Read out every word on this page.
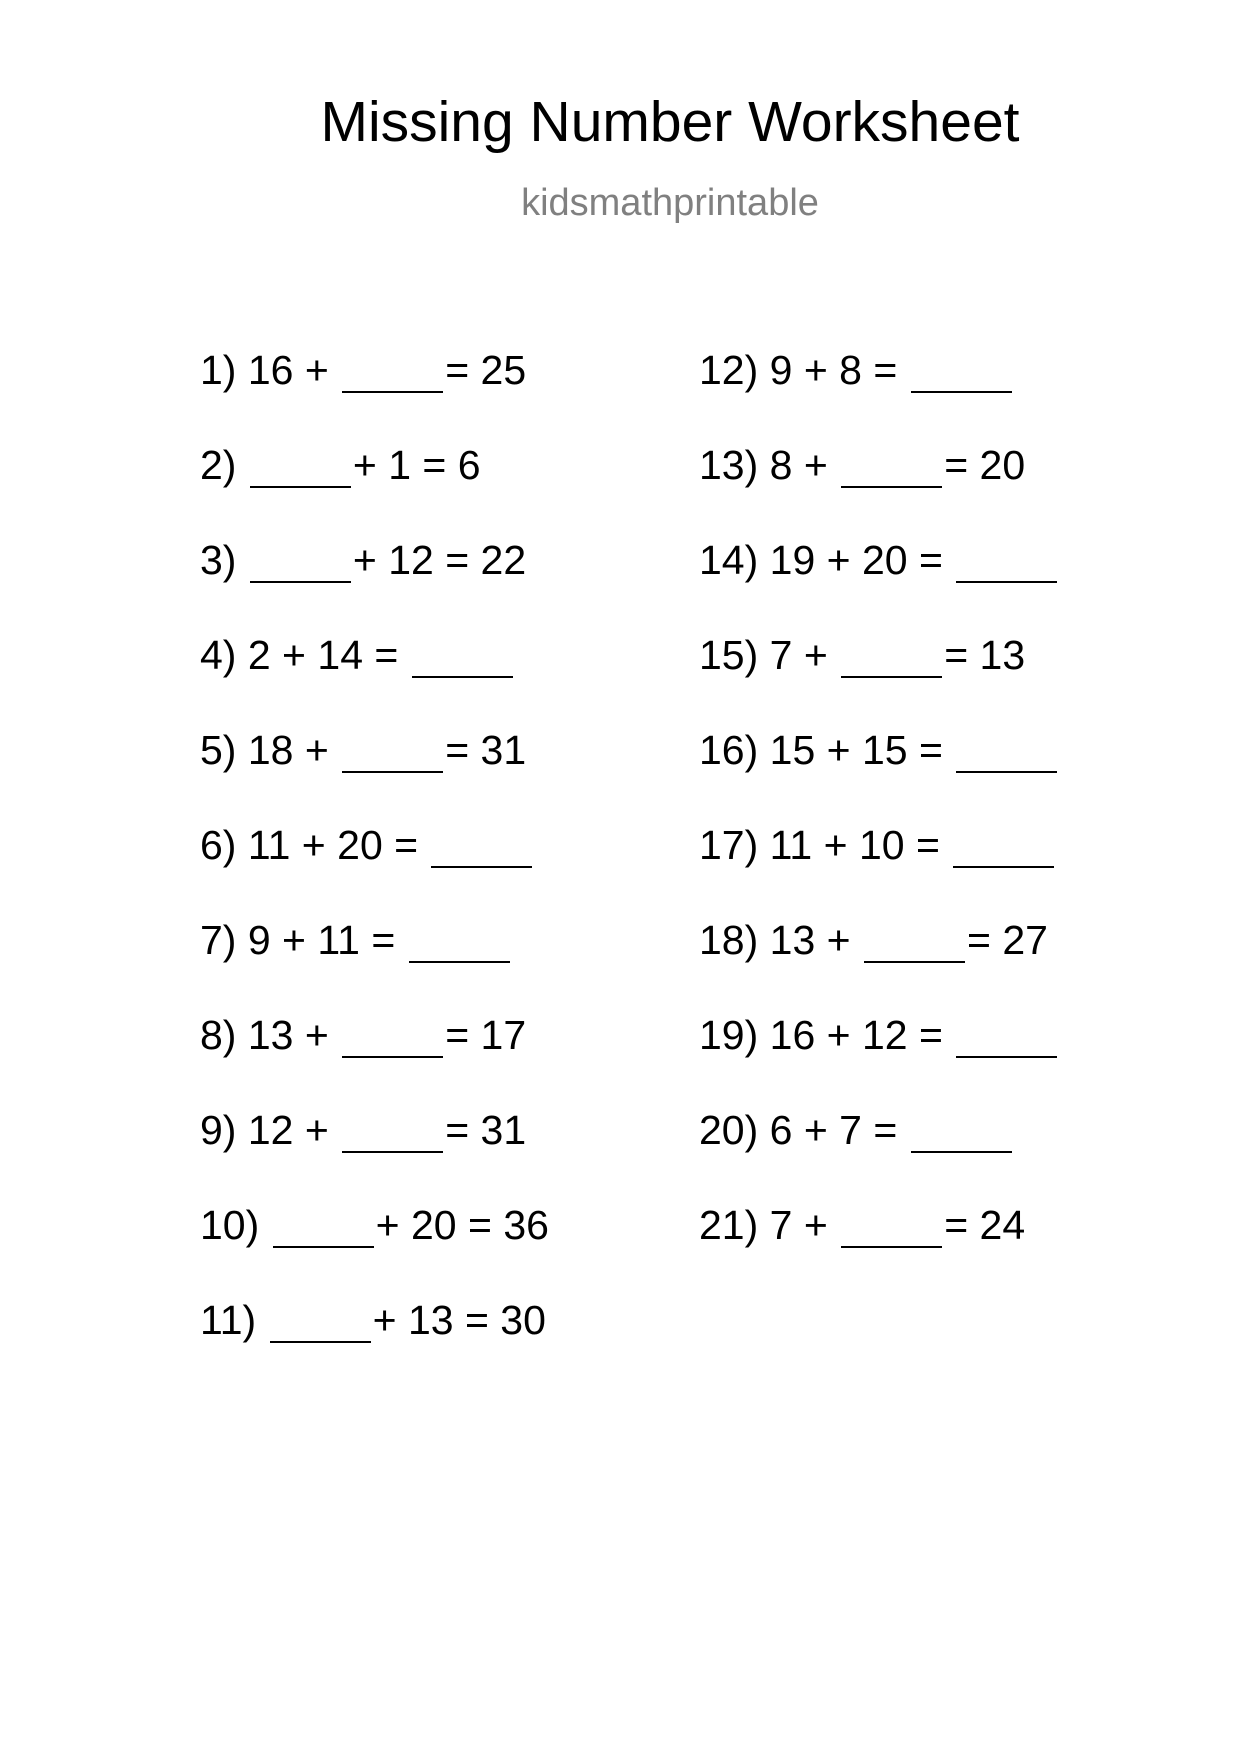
Missing Number Worksheet
kidsmathprintable
1) 16 +	= 25
2)	+ 1 = 6
3)	+ 12 = 22
4) 2 + 14 =
5) 18 +	= 31
6) 11 + 20 =
7) 9 + 11 =
8) 13 +	= 17
9) 12 +	= 31
10)	+ 20 = 36
11)	+ 13 = 30
12) 9 + 8 =
13) 8 +	= 20
14) 19 + 20 =
15) 7 +	= 13
16) 15 + 15 =
17) 11 + 10 =
18) 13 +	= 27
19) 16 + 12 =
20) 6 + 7 =
21) 7 +	= 24
